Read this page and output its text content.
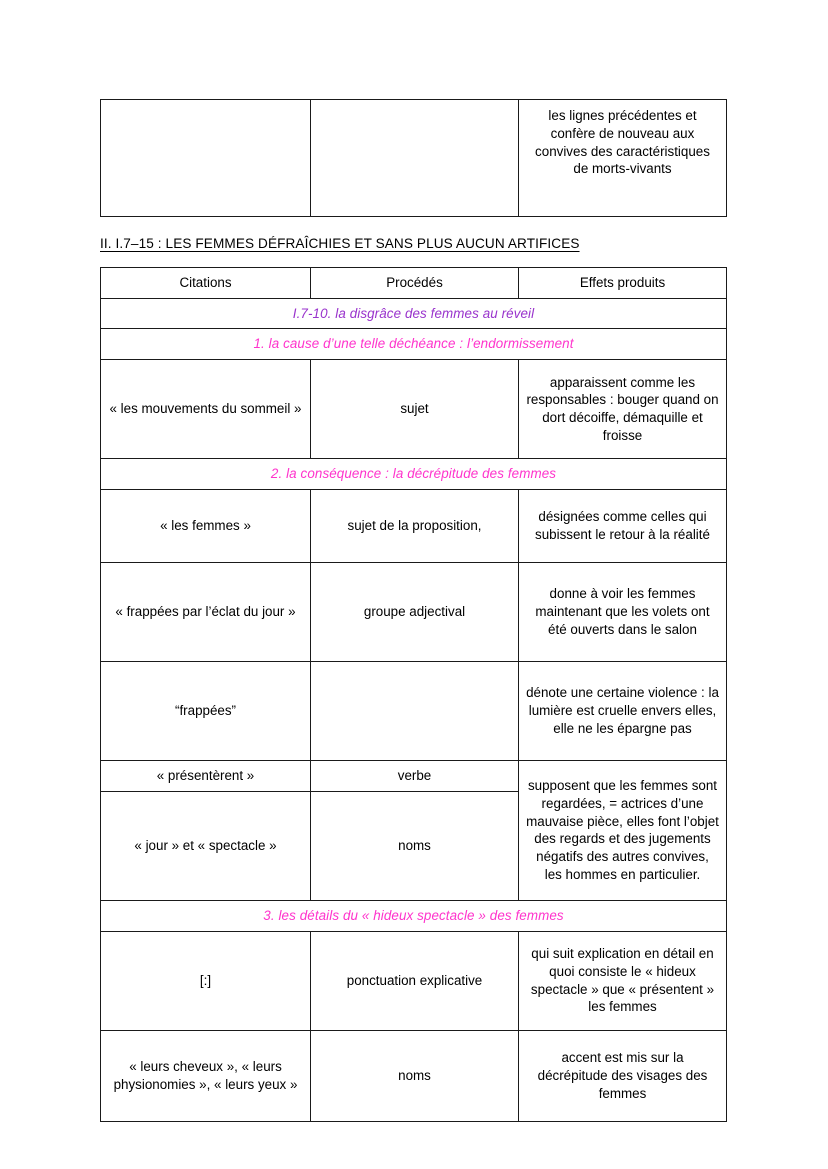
		les lignes précédentes et confère de nouveau aux convives des caractéristiques de morts-vivants
II. I.7–15 : LES FEMMES DÉFRAÎCHIES ET SANS PLUS AUCUN ARTIFICES
Citations	Procédés	Effets produits
I.7-10. la disgrâce des femmes au réveil		
1. la cause d’une telle déchéance : l’endormissement		
« les mouvements du sommeil »	sujet	apparaissent comme les responsables : bouger quand on dort décoiffe, démaquille et froisse
2. la conséquence : la décrépitude des femmes		
« les femmes »	sujet de la proposition,	désignées comme celles qui subissent le retour à la réalité
« frappées par l’éclat du jour »	groupe adjectival	donne à voir les femmes maintenant que les volets ont été ouverts dans le salon
“frappées”		dénote une certaine violence : la lumière est cruelle envers elles, elle ne les épargne pas
« présentèrent »	verbe	supposent que les femmes sont regardées, = actrices d’une mauvaise pièce, elles font l’objet des regards et des jugements négatifs des autres convives, les hommes en particulier.
« jour » et « spectacle »	noms	
3. les détails du « hideux spectacle » des femmes		
[:]	ponctuation explicative	qui suit explication en détail en quoi consiste le « hideux spectacle » que « présentent » les femmes
« leurs cheveux », « leurs physionomies », « leurs yeux »	noms	accent est mis sur la décrépitude des visages des femmes
